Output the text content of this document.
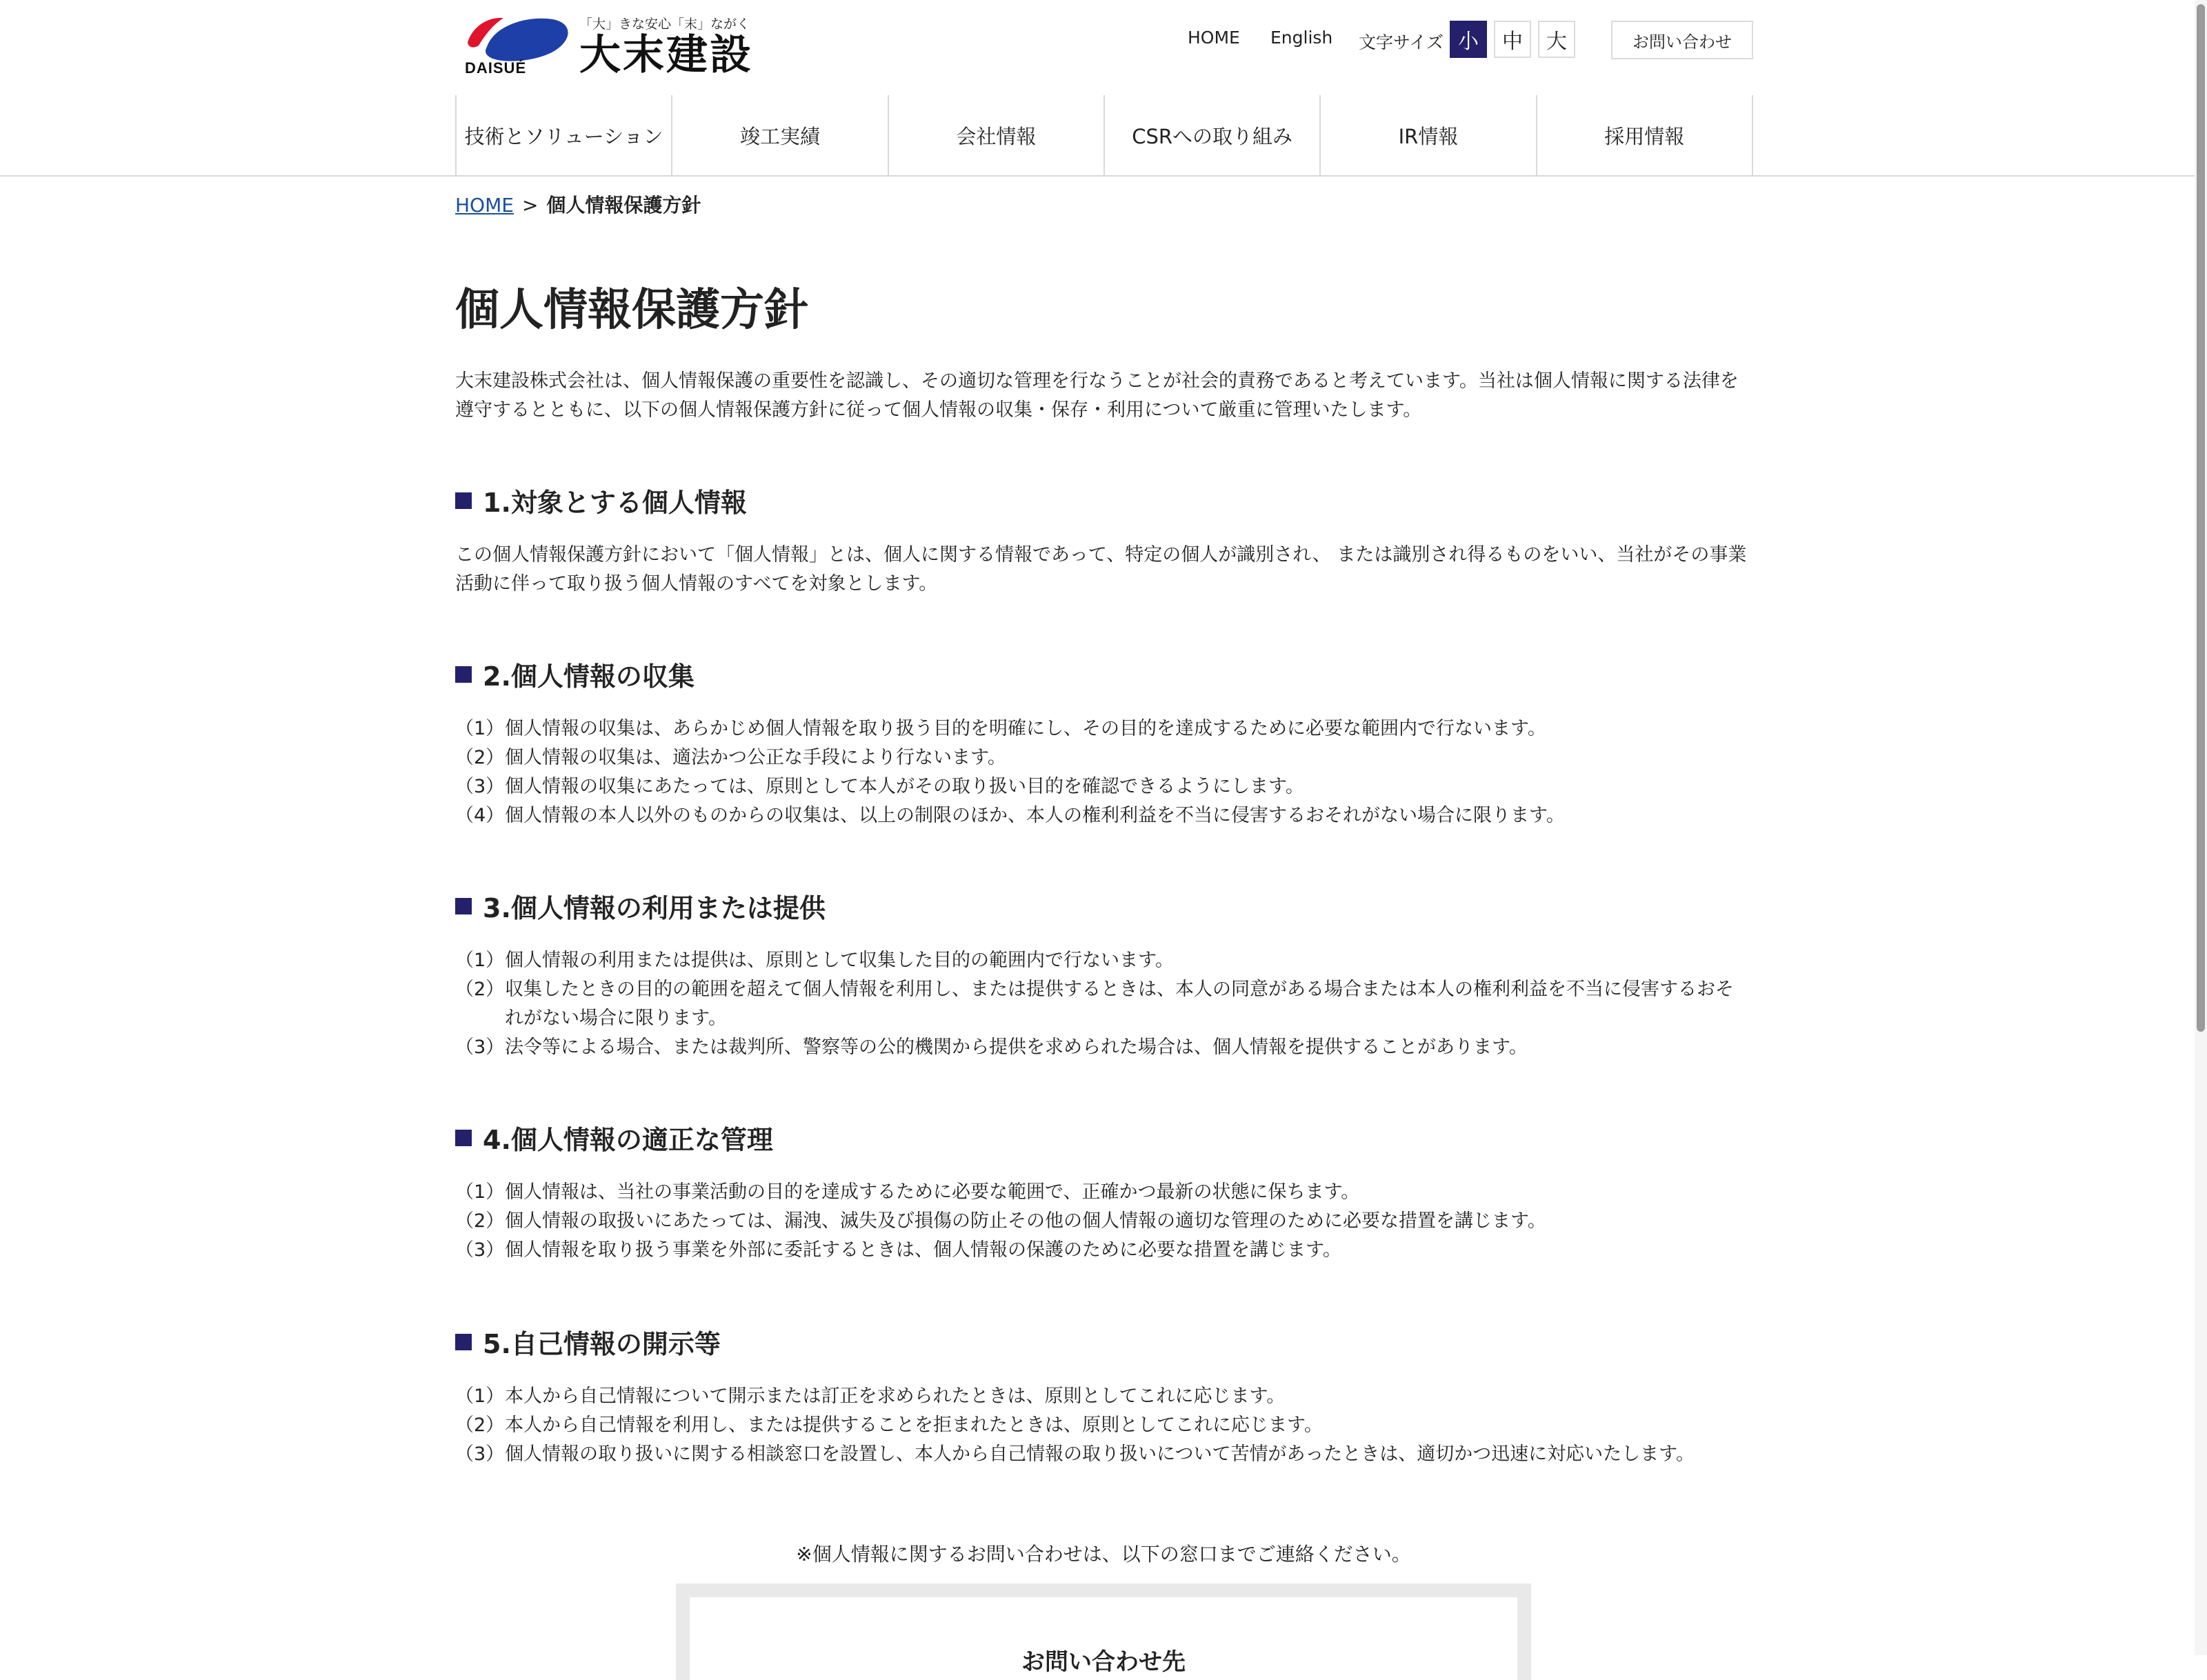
DAISUÉ
「大」きな安心「末」ながく
大末建設	HOME English 文字サイズ 小	中	大	お問い合わせ
技術とソリューション	竣工実績	会社情報	CSRへの取り組み	IR情報	採用情報
HOME > 個人情報保護方針
個人情報保護方針

大末建設株式会社は、個人情報保護の重要性を認識し、その適切な管理を行なうことが社会的責務であると考えています。当社は個人情報に関する法律を遵守するとともに、以下の個人情報保護方針に従って個人情報の収集・保存・利用について厳重に管理いたします。

1.対象とする個人情報

この個人情報保護方針において「個人情報」とは、個人に関する情報であって、特定の個人が識別され、 または識別され得るものをいい、当社がその事業活動に伴って取り扱う個人情報のすべてを対象とします。

2.個人情報の収集
（1） 個人情報の収集は、あらかじめ個人情報を取り扱う目的を明確にし、その目的を達成するために必要な範囲内で行ないます。
（2） 個人情報の収集は、適法かつ公正な手段により行ないます。
（3） 個人情報の収集にあたっては、原則として本人がその取り扱い目的を確認できるようにします。
（4） 個人情報の本人以外のものからの収集は、以上の制限のほか、本人の権利利益を不当に侵害するおそれがない場合に限ります。
3.個人情報の利用または提供
（1） 個人情報の利用または提供は、原則として収集した目的の範囲内で行ないます。
（2） 収集したときの目的の範囲を超えて個人情報を利用し、または提供するときは、本人の同意がある場合または本人の権利利益を不当に侵害するおそれがない場合に限ります。
（3） 法令等による場合、または裁判所、警察等の公的機関から提供を求められた場合は、個人情報を提供することがあります。
4.個人情報の適正な管理
（1） 個人情報は、当社の事業活動の目的を達成するために必要な範囲で、正確かつ最新の状態に保ちます。
（2） 個人情報の取扱いにあたっては、漏洩、滅失及び損傷の防止その他の個人情報の適切な管理のために必要な措置を講じます。
（3） 個人情報を取り扱う事業を外部に委託するときは、個人情報の保護のために必要な措置を講じます。
5.自己情報の開示等
（1） 本人から自己情報について開示または訂正を求められたときは、原則としてこれに応じます。
（2） 本人から自己情報を利用し、または提供することを拒まれたときは、原則としてこれに応じます。
（3） 個人情報の取り扱いに関する相談窓口を設置し、本人から自己情報の取り扱いについて苦情があったときは、適切かつ迅速に対応いたします。
※個人情報に関するお問い合わせは、以下の窓口までご連絡ください。
お問い合わせ先
